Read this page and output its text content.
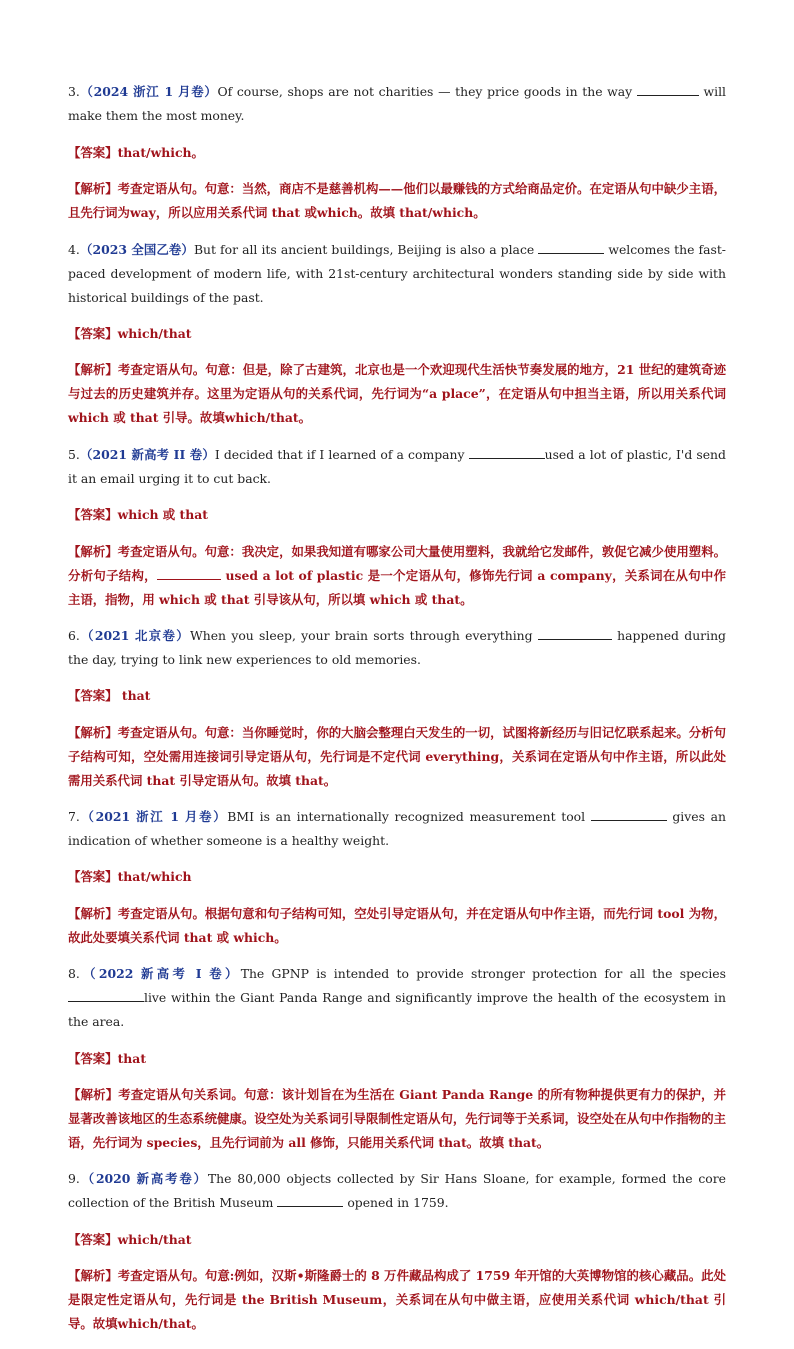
3.（2024 浙江 1 月卷）Of course, shops are not charities — they price goods in the way	will make them the most money.

【答案】that/which。

【解析】考查定语从句。句意：当然，商店不是慈善机构——他们以最赚钱的方式给商品定价。在定语从句中缺少主语，且先行词为way，所以应用关系代词 that 或which。故填 that/which。

4.（2023 全国乙卷）But for all its ancient buildings, Beijing is also a place	welcomes the fast-paced development of modern life, with 21st-century architectural wonders standing side by side with historical buildings of the past.

【答案】which/that

【解析】考查定语从句。句意：但是，除了古建筑，北京也是一个欢迎现代生活快节奏发展的地方，21 世纪的建筑奇迹与过去的历史建筑并存。这里为定语从句的关系代词，先行词为“a place”，在定语从句中担当主语，所以用关系代词which 或 that 引导。故填which/that。

5.（2021 新高考 II 卷）I decided that if I learned of a company	used a lot of plastic, I'd send it an email urging it to cut back.

【答案】which 或 that

【解析】考查定语从句。句意：我决定，如果我知道有哪家公司大量使用塑料，我就给它发邮件，敦促它减少使用塑料。分析句子结构，	used a lot of plastic 是一个定语从句，修饰先行词 a company，关系词在从句中作主语，指物，用 which 或 that 引导该从句，所以填 which 或 that。

6.（2021 北京卷）When you sleep, your brain sorts through everything	happened during the day, trying to link new experiences to old memories.

【答案】 that

【解析】考查定语从句。句意：当你睡觉时，你的大脑会整理白天发生的一切，试图将新经历与旧记忆联系起来。分析句子结构可知，空处需用连接词引导定语从句，先行词是不定代词 everything，关系词在定语从句中作主语，所以此处需用关系代词 that 引导定语从句。故填 that。

7.（2021 浙江 1 月卷）BMI is an internationally recognized measurement tool	gives an indication of whether someone is a healthy weight.

【答案】that/which

【解析】考查定语从句。根据句意和句子结构可知，空处引导定语从句，并在定语从句中作主语，而先行词 tool 为物，故此处要填关系代词 that 或 which。

8.（2022 新高考 I 卷）The GPNP is intended to provide stronger protection for all the species live within the Giant Panda Range and significantly improve the health of the ecosystem in the area.

【答案】that

【解析】考查定语从句关系词。句意：该计划旨在为生活在 Giant Panda Range 的所有物种提供更有力的保护，并显著改善该地区的生态系统健康。设空处为关系词引导限制性定语从句，先行词等于关系词，设空处在从句中作指物的主语，先行词为 species，且先行词前为 all 修饰，只能用关系代词 that。故填 that。

9.（2020 新高考卷）The 80,000 objects collected by Sir Hans Sloane, for example, formed the core collection of the British Museum	opened in 1759.

【答案】which/that

【解析】考查定语从句。句意:例如，汉斯•斯隆爵士的 8 万件藏品构成了 1759 年开馆的大英博物馆的核心藏品。此处是限定性定语从句，先行词是 the British Museum，关系词在从句中做主语，应使用关系代词 which/that 引导。故填which/that。
